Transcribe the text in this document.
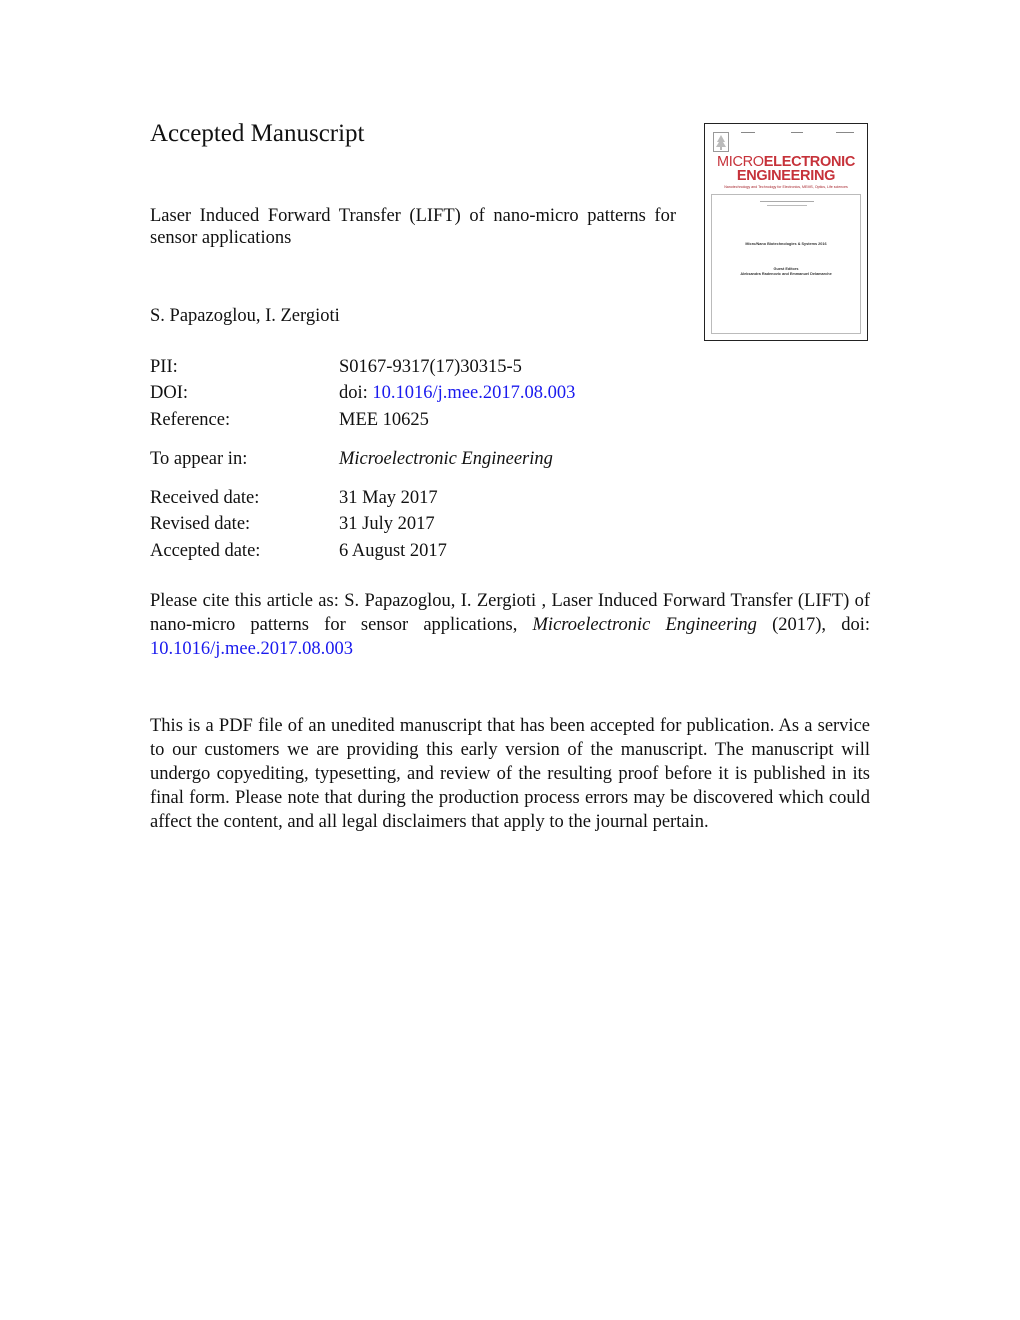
Accepted Manuscript
Laser Induced Forward Transfer (LIFT) of nano-micro patterns for sensor applications
S. Papazoglou, I. Zergioti
MICROELECTRONIC
ENGINEERING
Nanotechnology and Technology for Electronics, MEMS, Optics, Life sciences
Micro/Nano Biotechnologies & Systems 2016
Guest Editors
Aleksandra Radenovic and Emmanuel Delamarche
PII:	S0167-9317(17)30315-5
DOI:	doi: 10.1016/j.mee.2017.08.003
Reference:	MEE 10625
To appear in:	Microelectronic Engineering
Received date:	31 May 2017
Revised date:	31 July 2017
Accepted date:	6 August 2017
Please cite this article as: S. Papazoglou, I. Zergioti , Laser Induced Forward Transfer (LIFT) of nano-micro patterns for sensor applications, Microelectronic Engineering (2017), doi: 10.1016/j.mee.2017.08.003
This is a PDF file of an unedited manuscript that has been accepted for publication. As a service to our customers we are providing this early version of the manuscript. The manuscript will undergo copyediting, typesetting, and review of the resulting proof before it is published in its final form. Please note that during the production process errors may be discovered which could affect the content, and all legal disclaimers that apply to the journal pertain.
